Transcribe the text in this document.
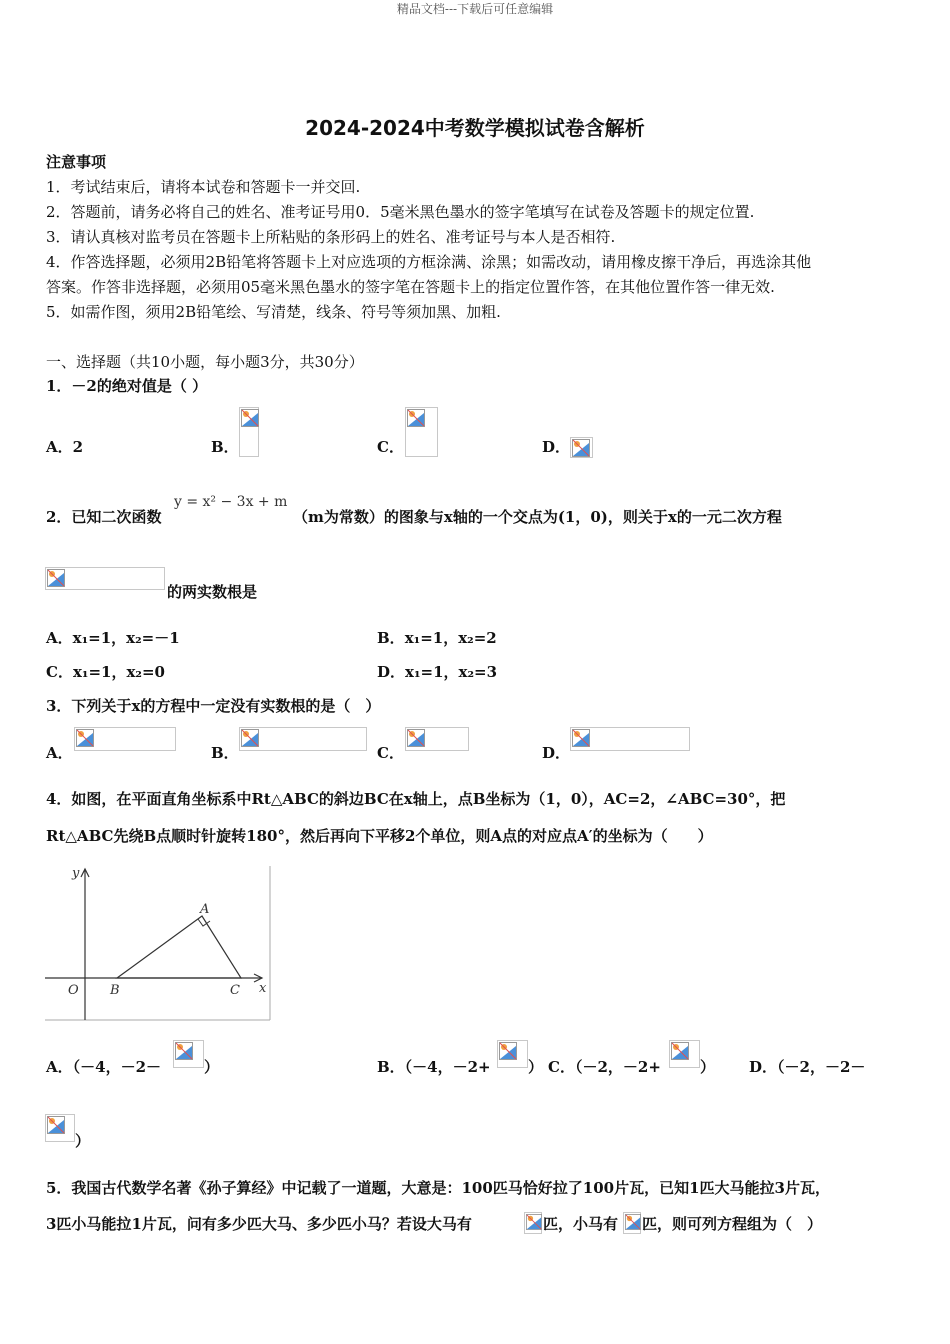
精品文档---下载后可任意编辑
2024-2024中考数学模拟试卷含解析
注意事项
1．考试结束后，请将本试卷和答题卡一并交回.
2．答题前，请务必将自己的姓名、准考证号用0．5毫米黑色墨水的签字笔填写在试卷及答题卡的规定位置.
3．请认真核对监考员在答题卡上所粘贴的条形码上的姓名、准考证号与本人是否相符.
4．作答选择题，必须用2B铅笔将答题卡上对应选项的方框涂满、涂黑；如需改动，请用橡皮擦干净后，再选涂其他
答案。作答非选择题，必须用05毫米黑色墨水的签字笔在答题卡上的指定位置作答，在其他位置作答一律无效.
5．如需作图，须用2B铅笔绘、写清楚，线条、符号等须加黑、加粗.
一、选择题（共10小题，每小题3分，共30分）
1．－2的绝对值是（ ）
A．2	B．	C．	D．
2．已知二次函数
y = x² − 3x + m
（m为常数）的图象与x轴的一个交点为(1，0)，则关于x的一元二次方程
的两实数根是
A．x₁=1，x₂=－1	B．x₁=1，x₂=2
C．x₁=1，x₂=0	D．x₁=1，x₂=3
3．下列关于x的方程中一定没有实数根的是（　）
A．	B．	C．	D．
4．如图，在平面直角坐标系中Rt△ABC的斜边BC在x轴上，点B坐标为（1，0），AC=2，∠ABC=30°，把
Rt△ABC先绕B点顺时针旋转180°，然后再向下平移2个单位，则A点的对应点A′的坐标为（　　）
y
A
O B	C x
A．（－4，－2－	）	B．（－4，－2+ ） C．（－2，－2+	） D．（－2，－2－
）
5．我国古代数学名著《孙子算经》中记载了一道题，大意是：100匹马恰好拉了100片瓦，已知1匹大马能拉3片瓦，
3匹小马能拉1片瓦，问有多少匹大马、多少匹小马？若设大马有	匹，小马有 匹，则可列方程组为（　）
